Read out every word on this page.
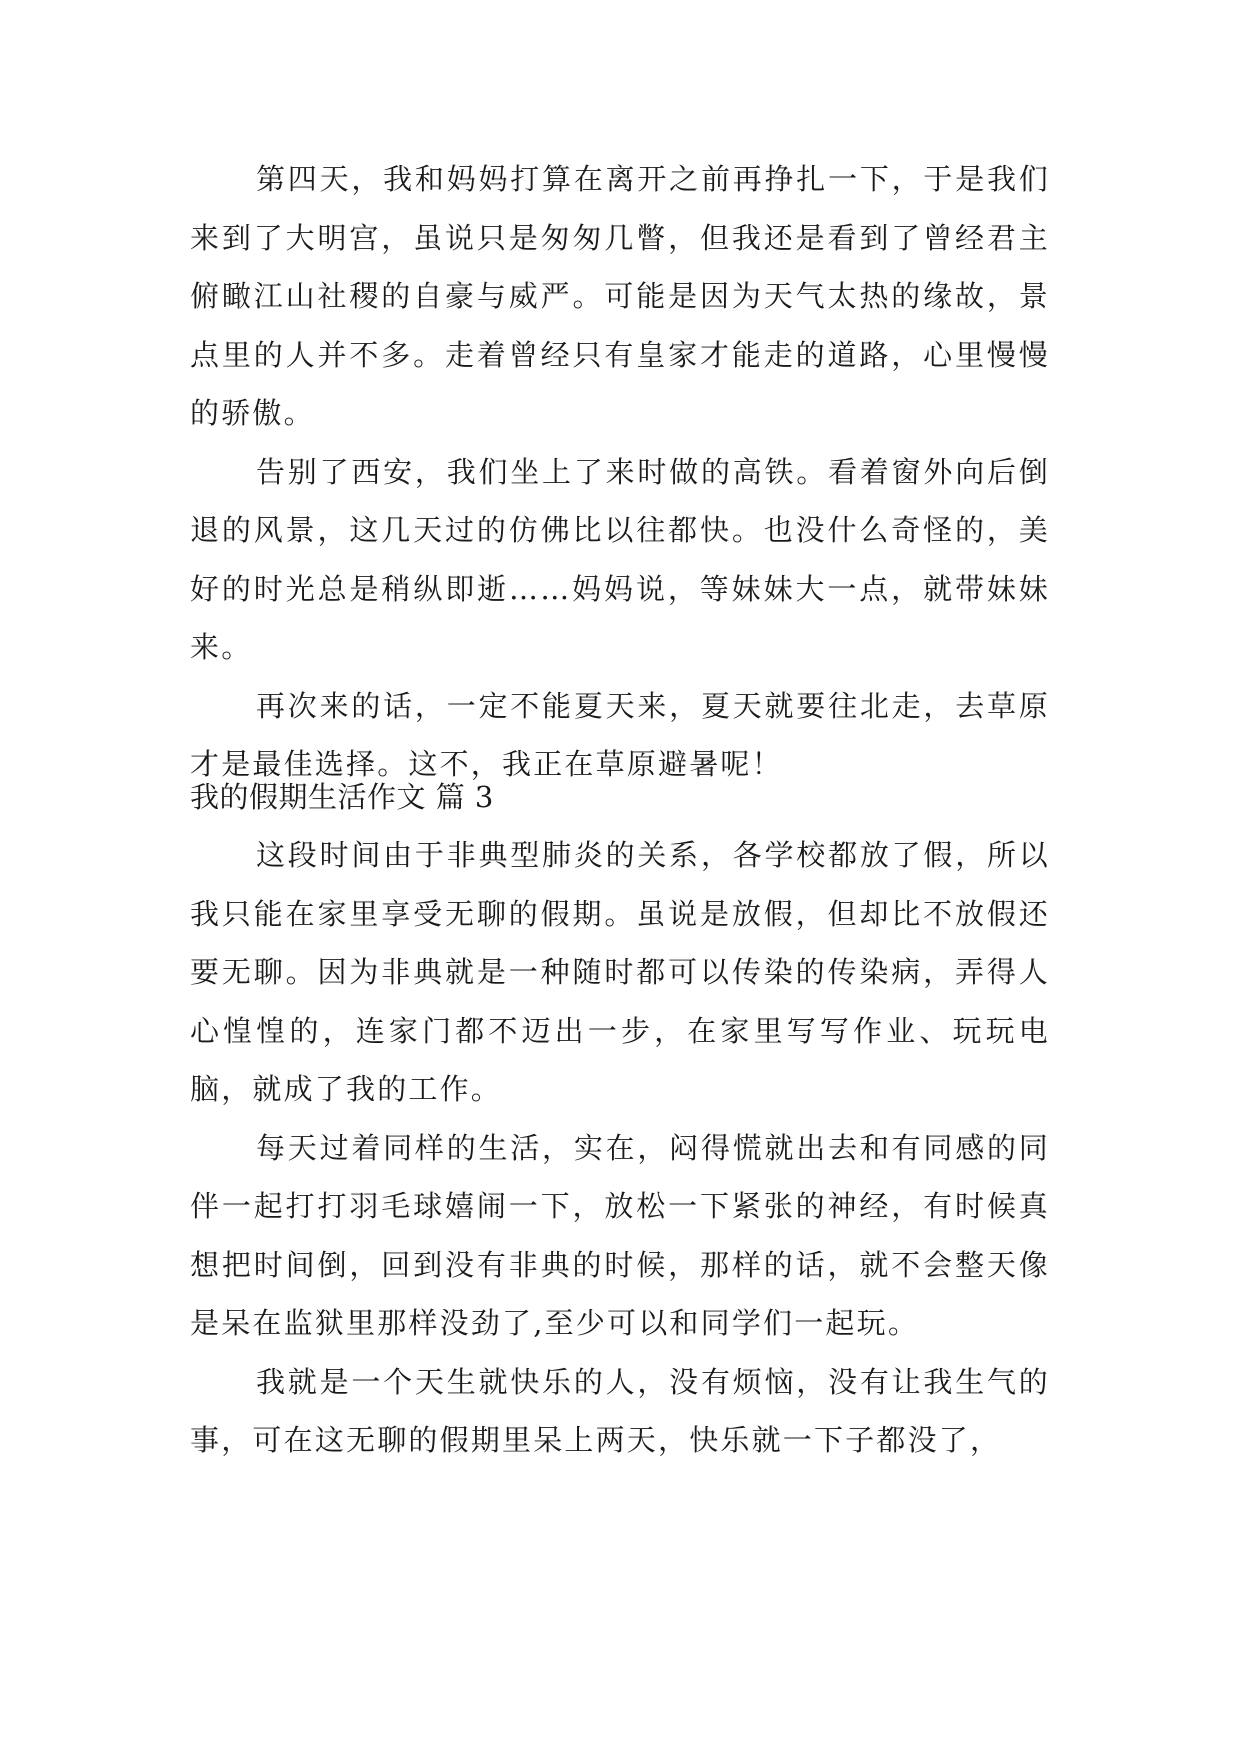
第四天，我和妈妈打算在离开之前再挣扎一下，于是我们来到了大明宫，虽说只是匆匆几瞥，但我还是看到了曾经君主俯瞰江山社稷的自豪与威严。可能是因为天气太热的缘故，景点里的人并不多。走着曾经只有皇家才能走的道路，心里慢慢的骄傲。

告别了西安，我们坐上了来时做的高铁。看着窗外向后倒退的风景，这几天过的仿佛比以往都快。也没什么奇怪的，美好的时光总是稍纵即逝……妈妈说，等妹妹大一点，就带妹妹来。

再次来的话，一定不能夏天来，夏天就要往北走，去草原才是最佳选择。这不，我正在草原避暑呢！

我的假期生活作文 篇 3

这段时间由于非典型肺炎的关系，各学校都放了假，所以我只能在家里享受无聊的假期。虽说是放假，但却比不放假还要无聊。因为非典就是一种随时都可以传染的传染病，弄得人心惶惶的，连家门都不迈出一步，在家里写写作业、玩玩电脑，就成了我的工作。

每天过着同样的生活，实在，闷得慌就出去和有同感的同伴一起打打羽毛球嬉闹一下，放松一下紧张的神经，有时候真想把时间倒，回到没有非典的时候，那样的话，就不会整天像是呆在监狱里那样没劲了,至少可以和同学们一起玩。

我就是一个天生就快乐的人，没有烦恼，没有让我生气的事，可在这无聊的假期里呆上两天，快乐就一下子都没了，
